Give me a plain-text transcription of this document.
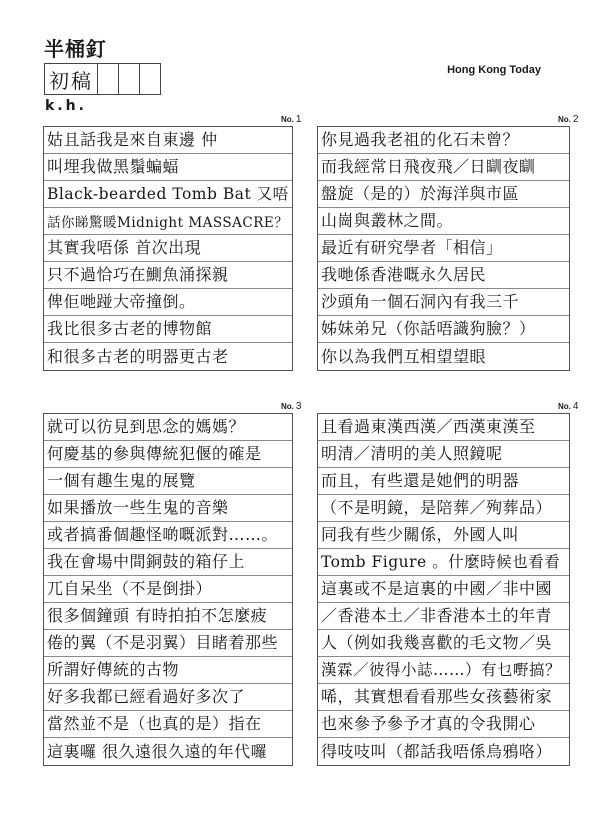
半桶釘
初稿
k.h.
Hong Kong Today
No. 1	No. 2
No. 3	No. 4
姑且話我是來自東邊 仲
叫埋我做黑鬚蝙蝠
Black-bearded Tomb Bat 又唔
話你睇驚暖Midnight MASSACRE？
其實我唔係 首次出現
只不過恰巧在鰂魚涌探親
俾佢哋踫大帝撞倒。
我比很多古老的博物館
和很多古老的明器更古老
你見過我老祖的化石未曾？
而我經常日飛夜飛／日瞓夜瞓
盤旋（是的）於海洋與市區
山崗與叢林之間。
最近有研究學者「相信」
我哋係香港嘅永久居民
沙頭角一個石洞內有我三千
姊妹弟兄（你話唔識狗臉？）
你以為我們互相望望眼
就可以彷見到思念的媽媽？
何慶基的參與傳統犯偃的確是
一個有趣生鬼的展覽
如果播放一些生鬼的音樂
或者搞番個趣怪啲嘅派對……。
我在會場中間銅鼓的箱仔上
兀自呆坐（不是倒掛）
很多個鐘頭 有時拍拍不怎麼疲
倦的翼（不是羽翼）目睹着那些
所謂好傳統的古物
好多我都已經看過好多次了
當然並不是（也真的是）指在
這裏囉 很久遠很久遠的年代囉
且看過東漢西漢／西漢東漢至
明清／清明的美人照鏡呢
而且，有些還是她們的明器
（不是明鏡，是陪葬／殉葬品）
同我有些少關係，外國人叫
Tomb Figure 。什麼時候也看看
這裏或不是這裏的中國／非中國
／香港本土／非香港本土的年青
人（例如我幾喜歡的毛文物／吳
漢霖／彼得小誌……）有乜嘢搞？
唏，其實想看看那些女孩藝術家
也來參予參予才真的令我開心
得吱吱叫（都話我唔係烏鴉咯）
